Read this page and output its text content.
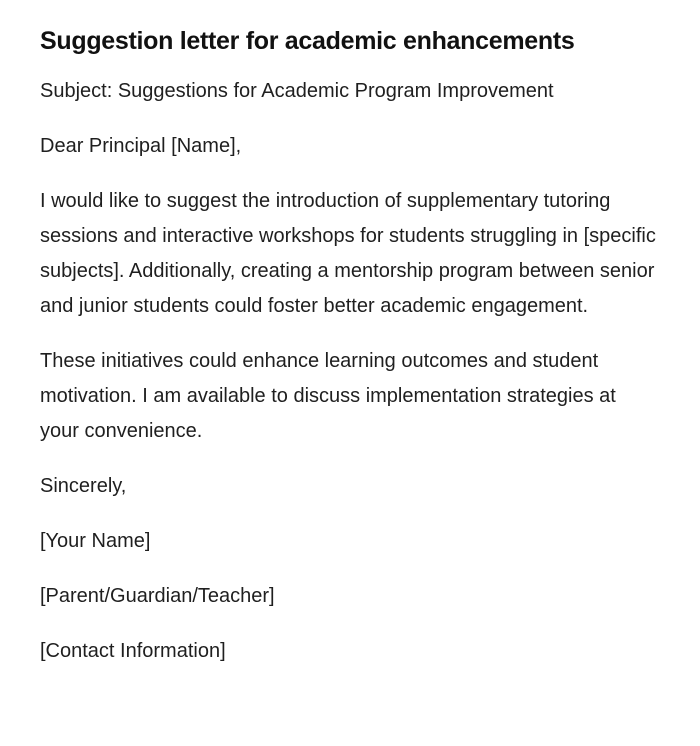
Suggestion letter for academic enhancements

Subject: Suggestions for Academic Program Improvement

Dear Principal [Name],

I would like to suggest the introduction of supplementary tutoring sessions and interactive workshops for students struggling in [specific subjects]. Additionally, creating a mentorship program between senior and junior students could foster better academic engagement.

These initiatives could enhance learning outcomes and student motivation. I am available to discuss implementation strategies at your convenience.

Sincerely,

[Your Name]

[Parent/Guardian/Teacher]

[Contact Information]
